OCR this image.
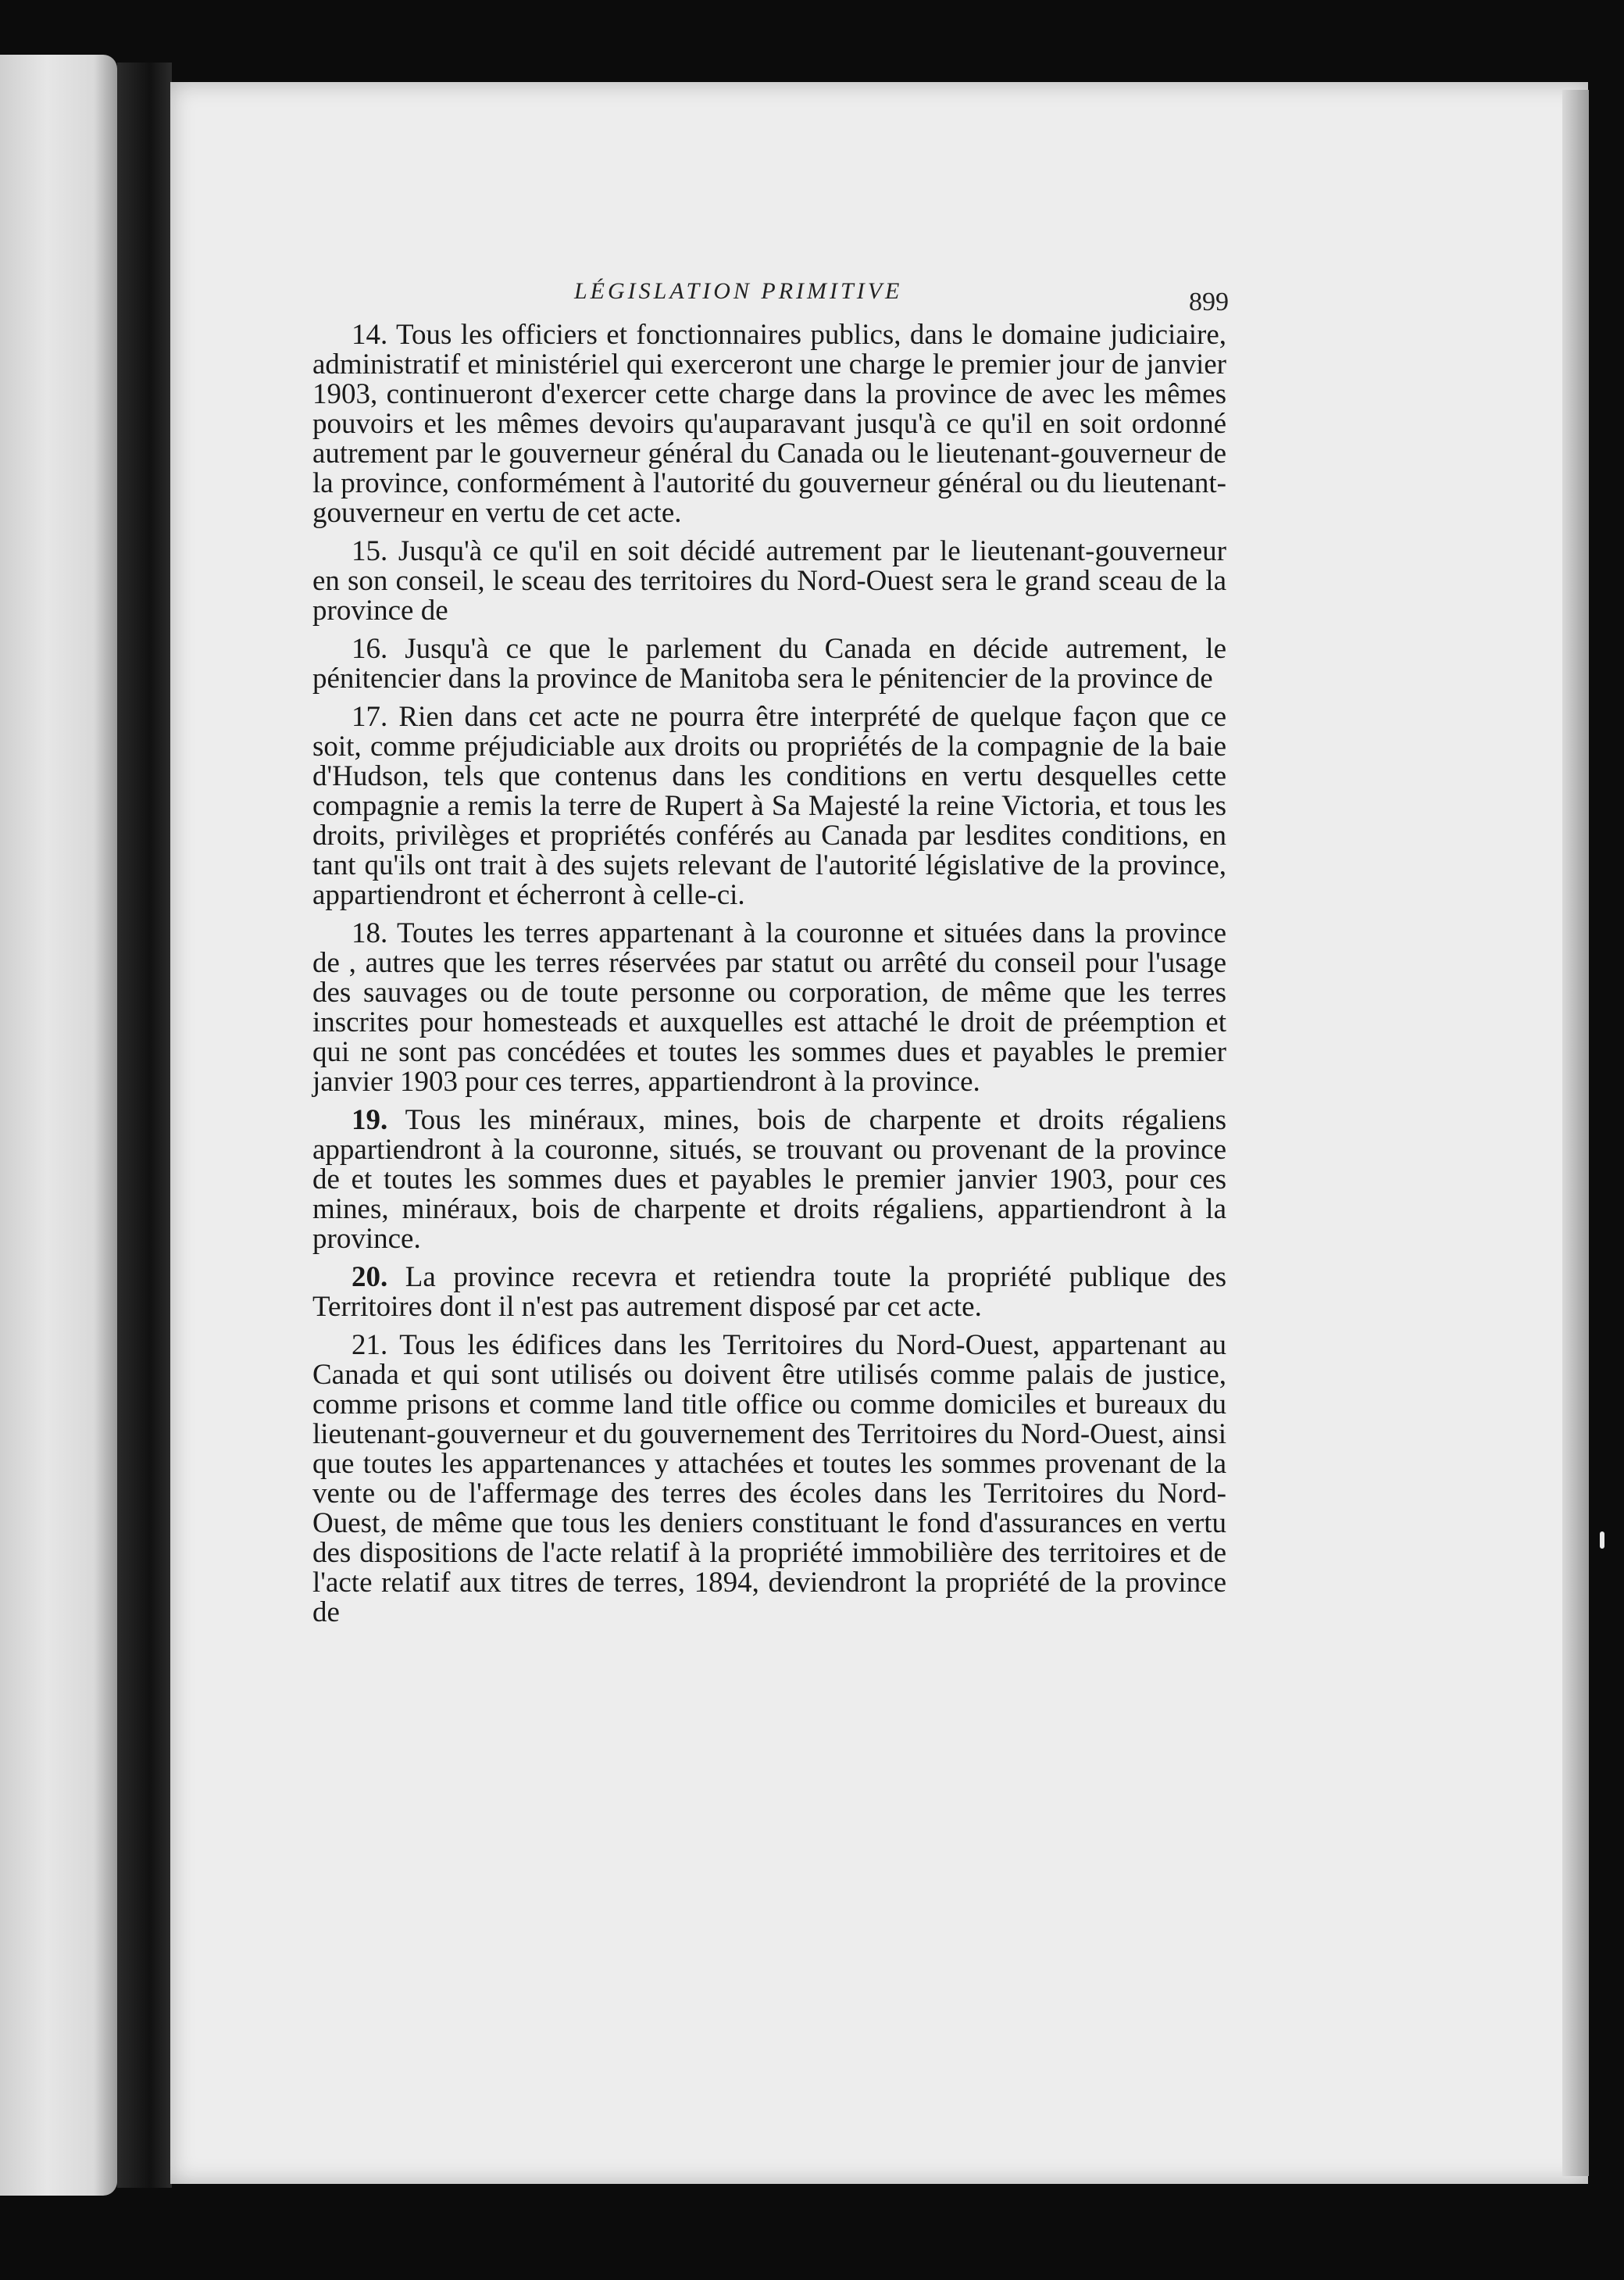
LÉGISLATION PRIMITIVE	899

14. Tous les officiers et fonctionnaires publics, dans le domaine judiciaire, administratif et ministériel qui exerceront une charge le premier jour de janvier 1903, continueront d'exercer cette charge dans la province de avec les mêmes pouvoirs et les mêmes devoirs qu'auparavant jusqu'à ce qu'il en soit ordonné autrement par le gouverneur général du Canada ou le lieutenant-gouverneur de la province, conformément à l'autorité du gouverneur général ou du lieutenant-gouverneur en vertu de cet acte.

15. Jusqu'à ce qu'il en soit décidé autrement par le lieutenant-gouverneur en son conseil, le sceau des territoires du Nord-Ouest sera le grand sceau de la province de

16. Jusqu'à ce que le parlement du Canada en décide autrement, le pénitencier dans la province de Manitoba sera le pénitencier de la province de

17. Rien dans cet acte ne pourra être interprété de quelque façon que ce soit, comme préjudiciable aux droits ou propriétés de la compagnie de la baie d'Hudson, tels que contenus dans les conditions en vertu desquelles cette compagnie a remis la terre de Rupert à Sa Majesté la reine Victoria, et tous les droits, privilèges et propriétés conférés au Canada par lesdites conditions, en tant qu'ils ont trait à des sujets relevant de l'autorité législative de la province, appartiendront et écherront à celle-ci.

18. Toutes les terres appartenant à la couronne et situées dans la province de , autres que les terres réservées par statut ou arrêté du conseil pour l'usage des sauvages ou de toute personne ou corporation, de même que les terres inscrites pour homesteads et auxquelles est attaché le droit de préemption et qui ne sont pas concédées et toutes les sommes dues et payables le premier janvier 1903 pour ces terres, appartiendront à la province.

19. Tous les minéraux, mines, bois de charpente et droits régaliens appartiendront à la couronne, situés, se trouvant ou provenant de la province de et toutes les sommes dues et payables le premier janvier 1903, pour ces mines, minéraux, bois de charpente et droits régaliens, appartiendront à la province.

20. La province recevra et retiendra toute la propriété publique des Territoires dont il n'est pas autrement disposé par cet acte.

21. Tous les édifices dans les Territoires du Nord-Ouest, appartenant au Canada et qui sont utilisés ou doivent être utilisés comme palais de justice, comme prisons et comme land title office ou comme domiciles et bureaux du lieutenant-gouverneur et du gouvernement des Territoires du Nord-Ouest, ainsi que toutes les appartenances y attachées et toutes les sommes provenant de la vente ou de l'affermage des terres des écoles dans les Territoires du Nord-Ouest, de même que tous les deniers constituant le fond d'assurances en vertu des dispositions de l'acte relatif à la propriété immobilière des territoires et de l'acte relatif aux titres de terres, 1894, deviendront la propriété de la province de
